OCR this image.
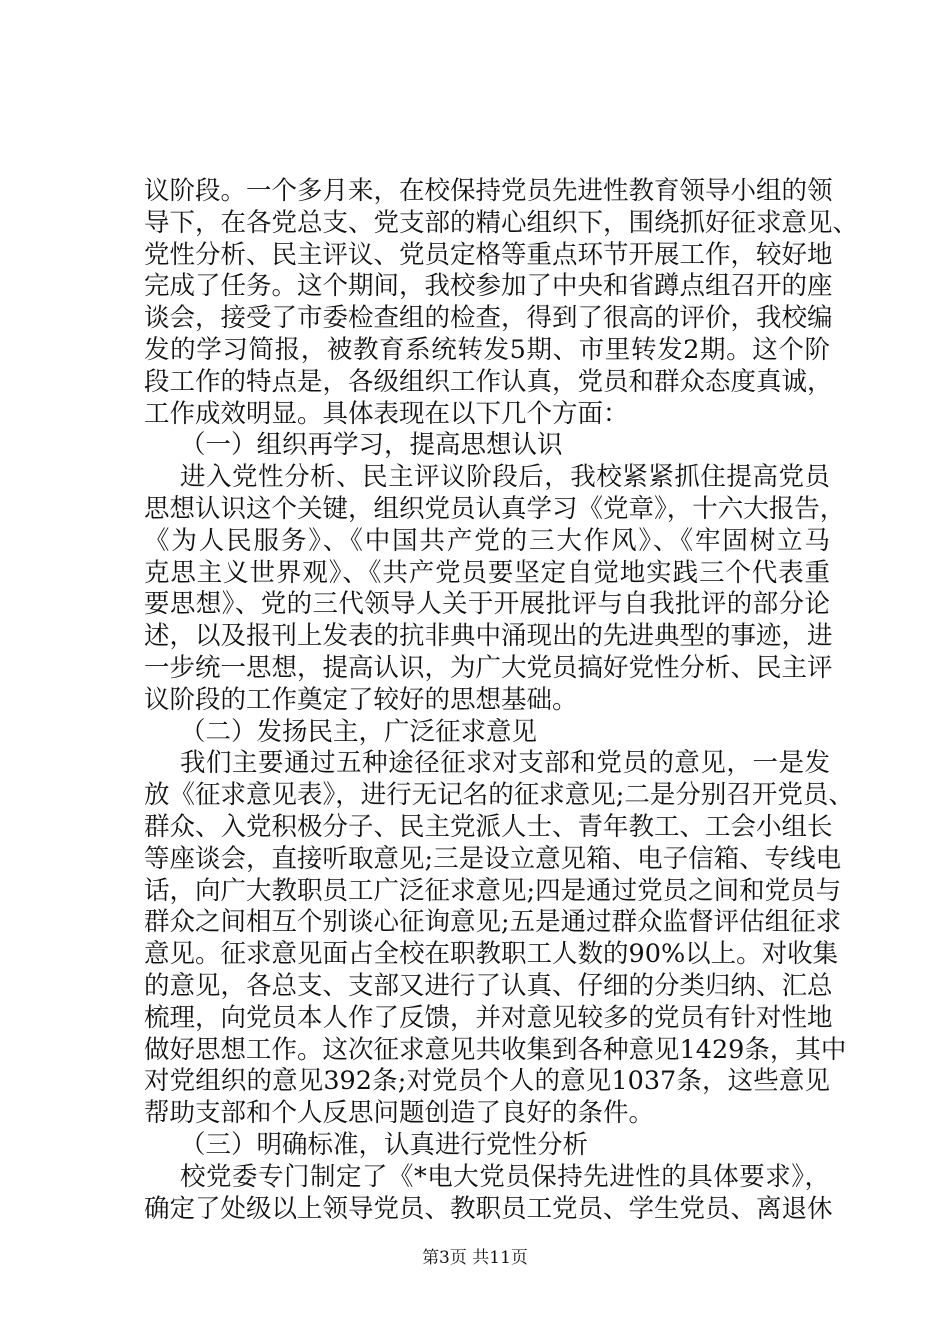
议阶段。一个多月来，在校保持党员先进性教育领导小组的领
导下，在各党总支、党支部的精心组织下，围绕抓好征求意见、
党性分析、民主评议、党员定格等重点环节开展工作，较好地
完成了任务。这个期间，我校参加了中央和省蹲点组召开的座
谈会，接受了市委检查组的检查，得到了很高的评价，我校编
发的学习简报，被教育系统转发5期、市里转发2期。这个阶
段工作的特点是，各级组织工作认真，党员和群众态度真诚，
工作成效明显。具体表现在以下几个方面：
（一）组织再学习，提高思想认识
进入党性分析、民主评议阶段后，我校紧紧抓住提高党员
思想认识这个关键，组织党员认真学习《党章》，十六大报告，
《为人民服务》、《中国共产党的三大作风》、《牢固树立马
克思主义世界观》、《共产党员要坚定自觉地实践三个代表重
要思想》、党的三代领导人关于开展批评与自我批评的部分论
述，以及报刊上发表的抗非典中涌现出的先进典型的事迹，进
一步统一思想，提高认识，为广大党员搞好党性分析、民主评
议阶段的工作奠定了较好的思想基础。
（二）发扬民主，广泛征求意见
我们主要通过五种途径征求对支部和党员的意见，一是发
放《征求意见表》，进行无记名的征求意见;二是分别召开党员、
群众、入党积极分子、民主党派人士、青年教工、工会小组长
等座谈会，直接听取意见;三是设立意见箱、电子信箱、专线电
话，向广大教职员工广泛征求意见;四是通过党员之间和党员与
群众之间相互个别谈心征询意见;五是通过群众监督评估组征求
意见。征求意见面占全校在职教职工人数的90%以上。对收集
的意见，各总支、支部又进行了认真、仔细的分类归纳、汇总
梳理，向党员本人作了反馈，并对意见较多的党员有针对性地
做好思想工作。这次征求意见共收集到各种意见1429条，其中
对党组织的意见392条;对党员个人的意见1037条，这些意见
帮助支部和个人反思问题创造了良好的条件。
（三）明确标准，认真进行党性分析
校党委专门制定了《*电大党员保持先进性的具体要求》，
确定了处级以上领导党员、教职员工党员、学生党员、离退休
第3页 共11页
